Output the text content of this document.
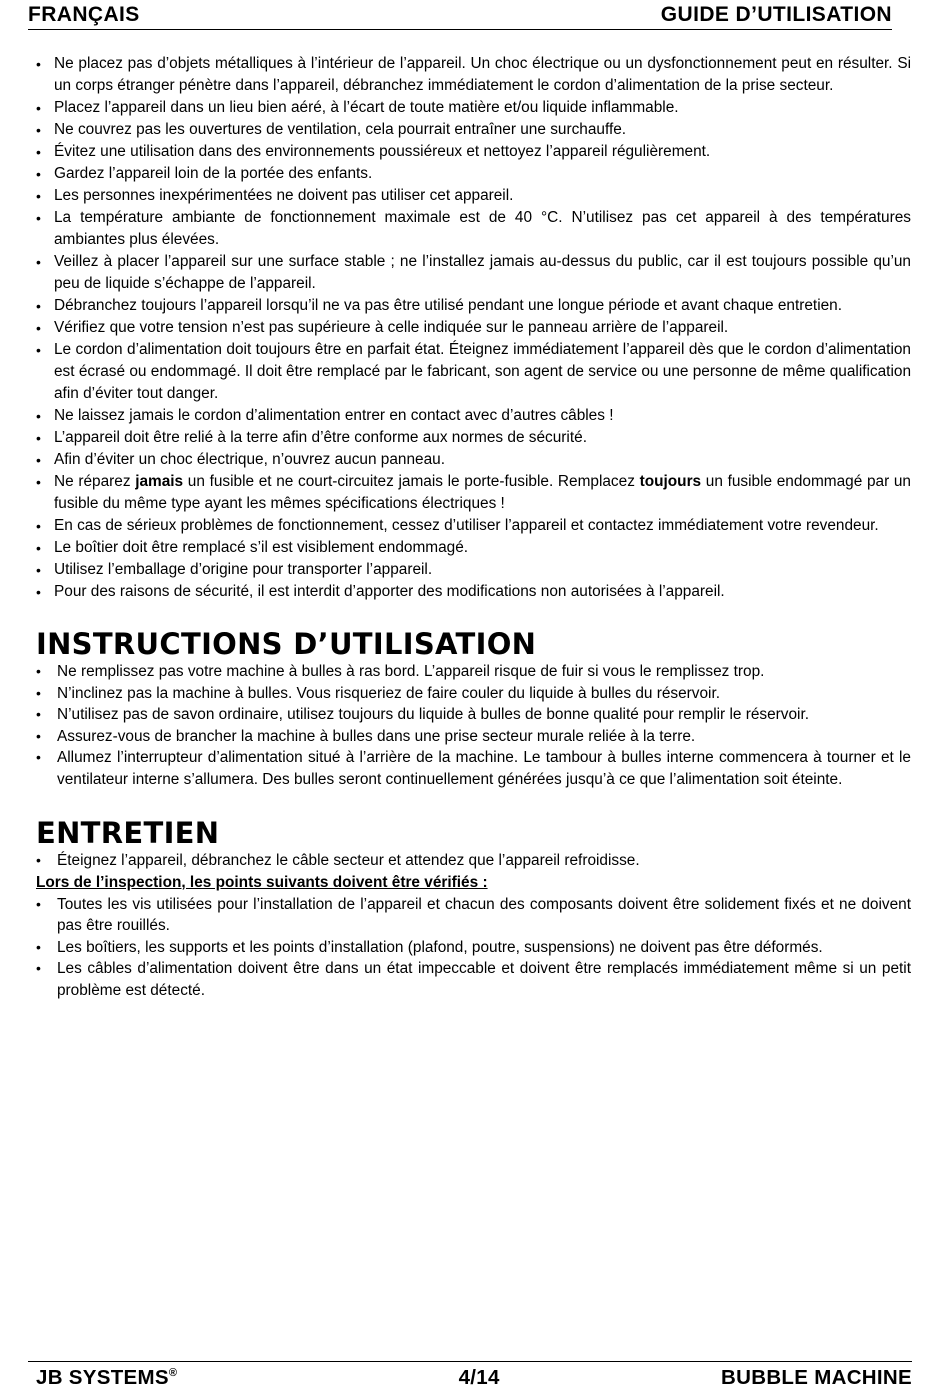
FRANÇAIS	GUIDE D’UTILISATION
• Ne placez pas d’objets métalliques à l’intérieur de l’appareil. Un choc électrique ou un dysfonctionnement peut en résulter. Si un corps étranger pénètre dans l’appareil, débranchez immédiatement le cordon d’alimentation de la prise secteur.
• Placez l’appareil dans un lieu bien aéré, à l’écart de toute matière et/ou liquide inflammable.
• Ne couvrez pas les ouvertures de ventilation, cela pourrait entraîner une surchauffe.
• Évitez une utilisation dans des environnements poussiéreux et nettoyez l’appareil régulièrement.
• Gardez l’appareil loin de la portée des enfants.
• Les personnes inexpérimentées ne doivent pas utiliser cet appareil.
• La température ambiante de fonctionnement maximale est de 40 °C. N’utilisez pas cet appareil à des températures ambiantes plus élevées.
• Veillez à placer l’appareil sur une surface stable ; ne l’installez jamais au-dessus du public, car il est toujours possible qu’un peu de liquide s’échappe de l’appareil.
• Débranchez toujours l’appareil lorsqu’il ne va pas être utilisé pendant une longue période et avant chaque entretien.
• Vérifiez que votre tension n’est pas supérieure à celle indiquée sur le panneau arrière de l’appareil.
• Le cordon d’alimentation doit toujours être en parfait état. Éteignez immédiatement l’appareil dès que le cordon d’alimentation est écrasé ou endommagé. Il doit être remplacé par le fabricant, son agent de service ou une personne de même qualification afin d’éviter tout danger.
• Ne laissez jamais le cordon d’alimentation entrer en contact avec d’autres câbles !
• L’appareil doit être relié à la terre afin d’être conforme aux normes de sécurité.
• Afin d’éviter un choc électrique, n’ouvrez aucun panneau.
• Ne réparez jamais un fusible et ne court-circuitez jamais le porte-fusible. Remplacez toujours un fusible endommagé par un fusible du même type ayant les mêmes spécifications électriques !
• En cas de sérieux problèmes de fonctionnement, cessez d’utiliser l’appareil et contactez immédiatement votre revendeur.
• Le boîtier doit être remplacé s’il est visiblement endommagé.
• Utilisez l’emballage d’origine pour transporter l’appareil.
• Pour des raisons de sécurité, il est interdit d’apporter des modifications non autorisées à l’appareil.
INSTRUCTIONS D’UTILISATION
• Ne remplissez pas votre machine à bulles à ras bord. L’appareil risque de fuir si vous le remplissez trop.
• N’inclinez pas la machine à bulles. Vous risqueriez de faire couler du liquide à bulles du réservoir.
• N’utilisez pas de savon ordinaire, utilisez toujours du liquide à bulles de bonne qualité pour remplir le réservoir.
• Assurez-vous de brancher la machine à bulles dans une prise secteur murale reliée à la terre.
• Allumez l’interrupteur d’alimentation situé à l’arrière de la machine. Le tambour à bulles interne commencera à tourner et le ventilateur interne s’allumera. Des bulles seront continuellement générées jusqu’à ce que l’alimentation soit éteinte.
ENTRETIEN
• Éteignez l’appareil, débranchez le câble secteur et attendez que l’appareil refroidisse.
Lors de l’inspection, les points suivants doivent être vérifiés :
• Toutes les vis utilisées pour l’installation de l’appareil et chacun des composants doivent être solidement fixés et ne doivent pas être rouillés.
• Les boîtiers, les supports et les points d’installation (plafond, poutre, suspensions) ne doivent pas être déformés.
• Les câbles d’alimentation doivent être dans un état impeccable et doivent être remplacés immédiatement même si un petit problème est détecté.
JB SYSTEMS®	4/14	BUBBLE MACHINE
